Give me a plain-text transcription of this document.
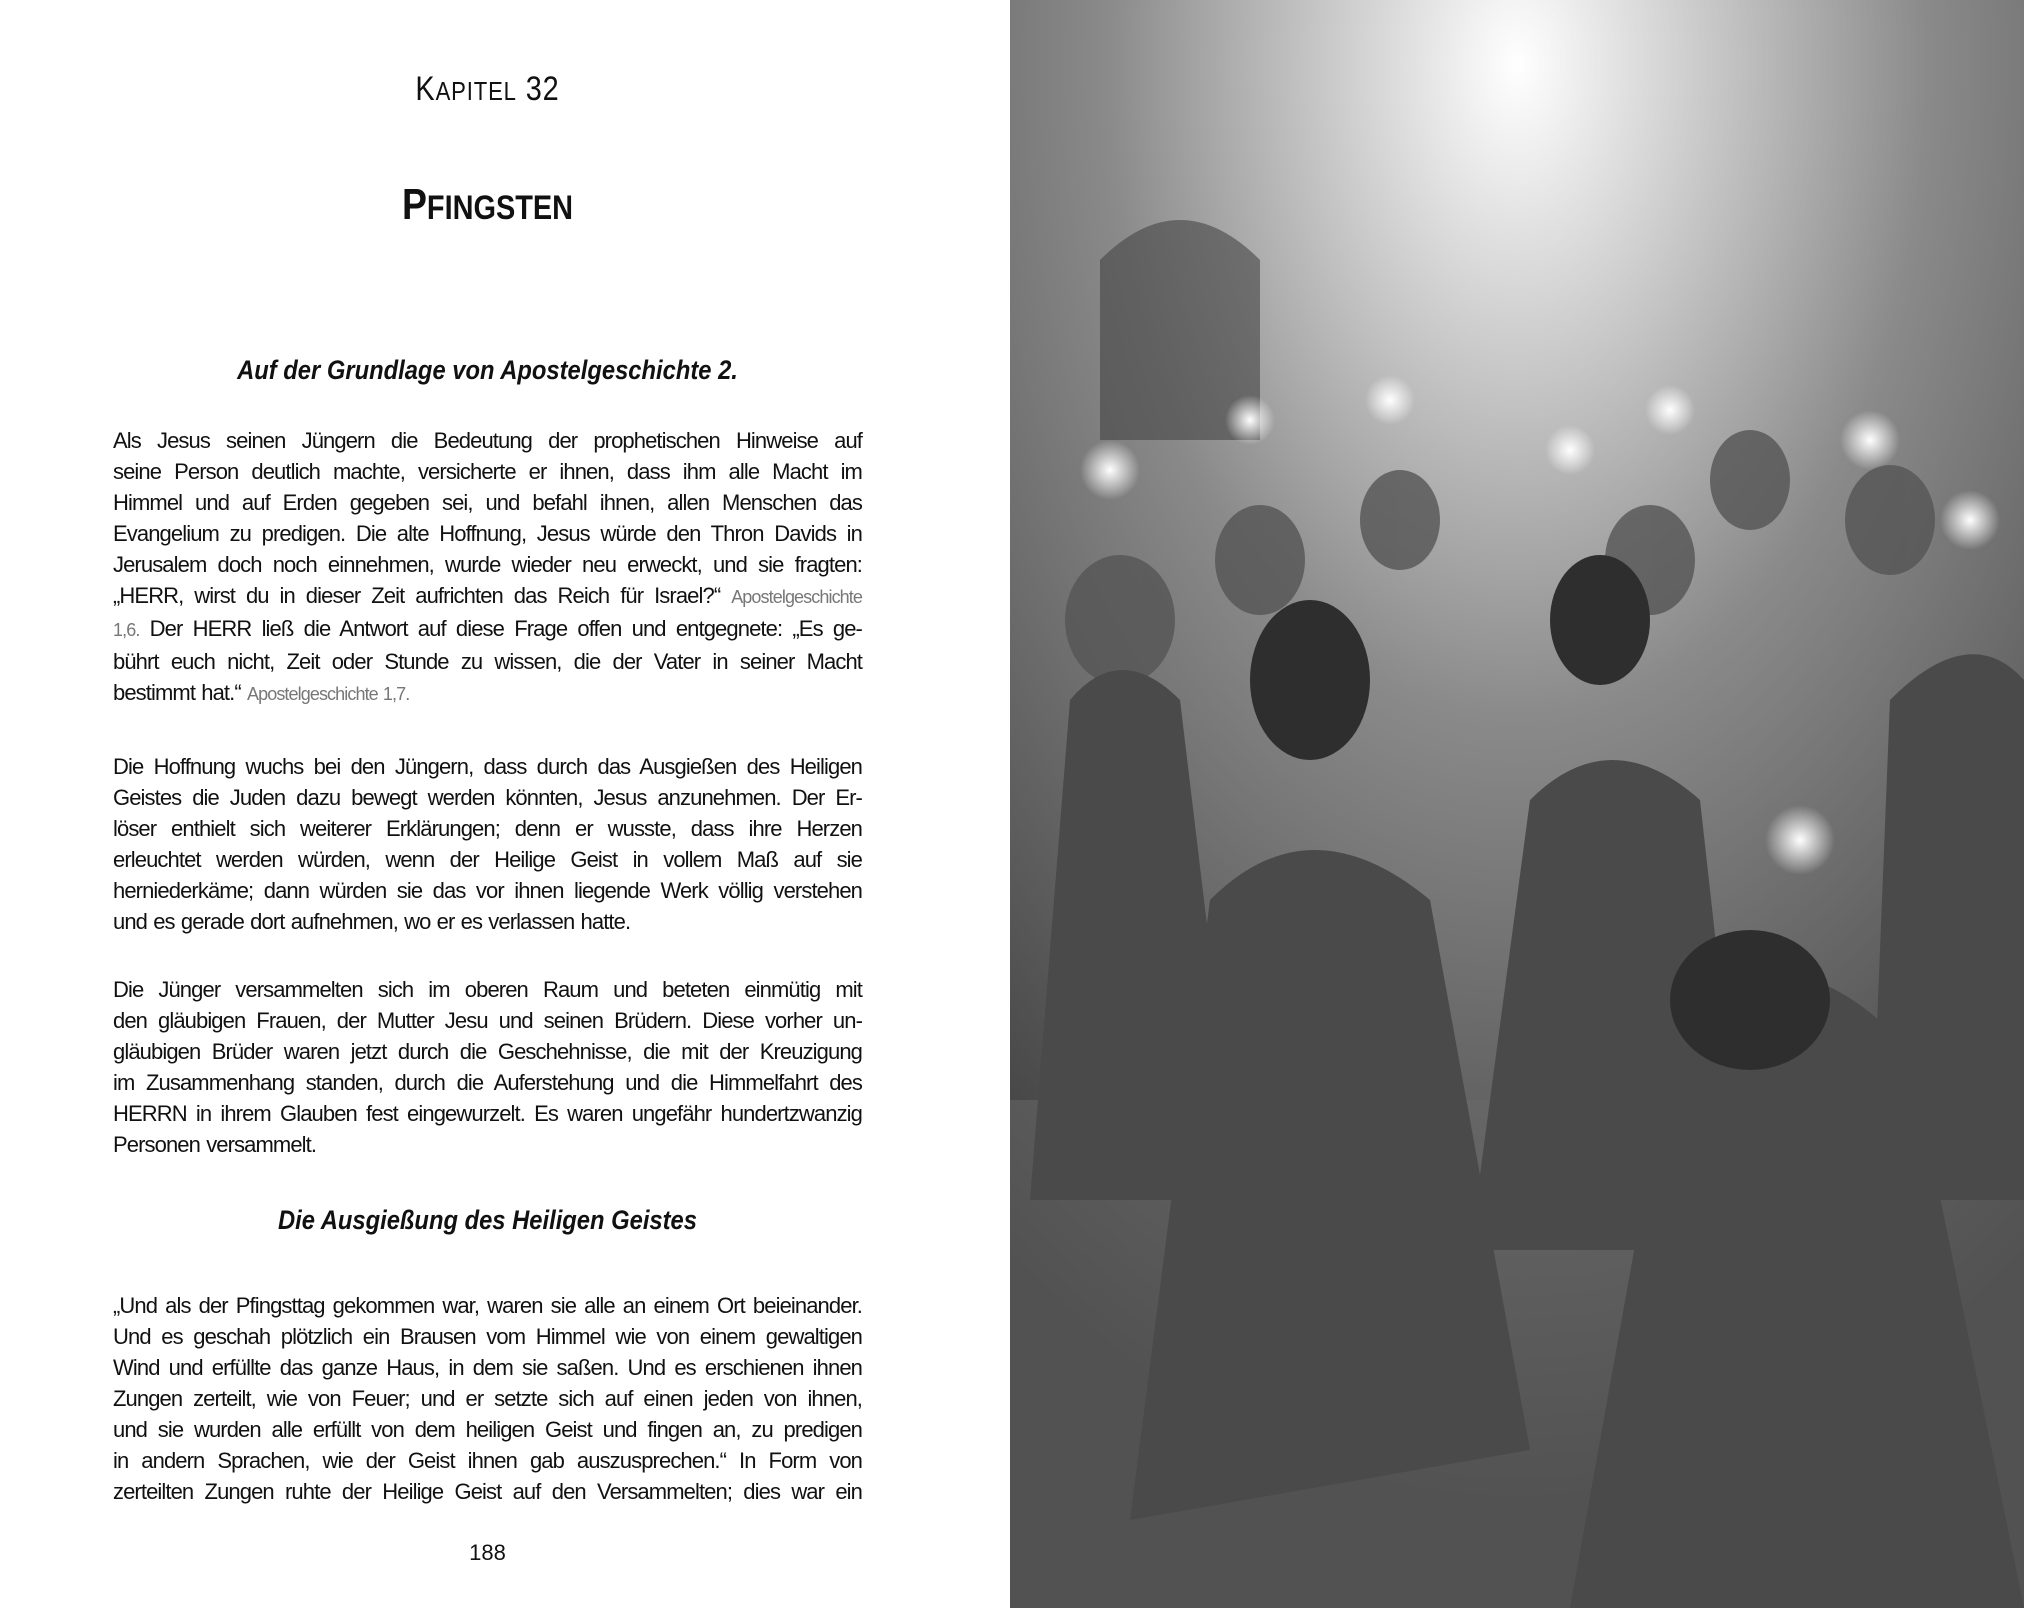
KAPITEL 32
PFINGSTEN
Auf der Grundlage von Apostelgeschichte 2.
Als Jesus seinen Jüngern die Bedeutung der prophetischen Hinweise auf
seine Person deutlich machte, versicherte er ihnen, dass ihm alle Macht im
Himmel und auf Erden gegeben sei, und befahl ihnen, allen Menschen das
Evangelium zu predigen. Die alte Hoffnung, Jesus würde den Thron Davids in
Jerusalem doch noch einnehmen, wurde wieder neu erweckt, und sie fragten:
„HERR, wirst du in dieser Zeit aufrichten das Reich für Israel?“ Apostelgeschichte
1,6. Der HERR ließ die Antwort auf diese Frage offen und entgegnete: „Es ge-
bührt euch nicht, Zeit oder Stunde zu wissen, die der Vater in seiner Macht
bestimmt hat.“ Apostelgeschichte 1,7.
Die Hoffnung wuchs bei den Jüngern, dass durch das Ausgießen des Heiligen
Geistes die Juden dazu bewegt werden könnten, Jesus anzunehmen. Der Er-
löser enthielt sich weiterer Erklärungen; denn er wusste, dass ihre Herzen
erleuchtet werden würden, wenn der Heilige Geist in vollem Maß auf sie
herniederkäme; dann würden sie das vor ihnen liegende Werk völlig verstehen
und es gerade dort aufnehmen, wo er es verlassen hatte.
Die Jünger versammelten sich im oberen Raum und beteten einmütig mit
den gläubigen Frauen, der Mutter Jesu und seinen Brüdern. Diese vorher un-
gläubigen Brüder waren jetzt durch die Geschehnisse, die mit der Kreuzigung
im Zusammenhang standen, durch die Auferstehung und die Himmelfahrt des
HERRN in ihrem Glauben fest eingewurzelt. Es waren ungefähr hundertzwanzig
Personen versammelt.
Die Ausgießung des Heiligen Geistes
„Und als der Pfingsttag gekommen war, waren sie alle an einem Ort beieinander.
Und es geschah plötzlich ein Brausen vom Himmel wie von einem gewaltigen
Wind und erfüllte das ganze Haus, in dem sie saßen. Und es erschienen ihnen
Zungen zerteilt, wie von Feuer; und er setzte sich auf einen jeden von ihnen,
und sie wurden alle erfüllt von dem heiligen Geist und fingen an, zu predigen
in andern Sprachen, wie der Geist ihnen gab auszusprechen.“ In Form von
zerteilten Zungen ruhte der Heilige Geist auf den Versammelten; dies war ein
188
